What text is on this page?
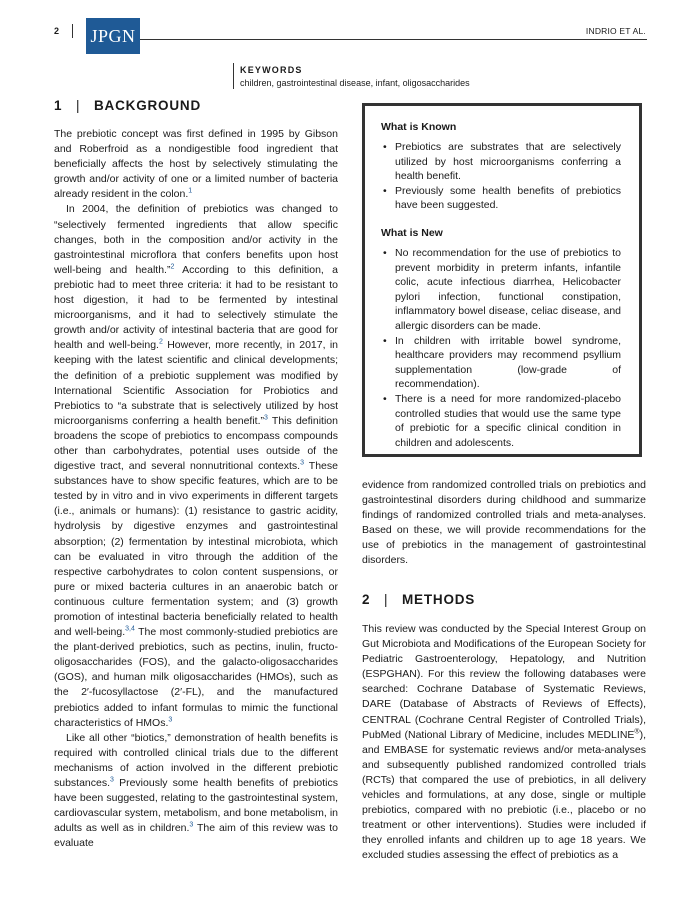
2 JPGN	INDRIO ET AL.
KEYWORDS
children, gastrointestinal disease, infant, oligosaccharides
1 | BACKGROUND

The prebiotic concept was first defined in 1995 by Gibson and Roberfroid as a nondigestible food ingredient that beneficially affects the host by selectively stimulating the growth and/or activity of one or a limited number of bacteria already resident in the colon.$^1$

In 2004, the definition of prebiotics was changed to “selectively fermented ingredients that allow specific changes, both in the composition and/or activity in the gastrointestinal microflora that confers benefits upon host well-being and health.”$^2$ According to this definition, a prebiotic had to meet three criteria: it had to be resistant to host digestion, it had to be fermented by intestinal microorganisms, and it had to selectively stimulate the growth and/or activity of intestinal bacteria that are good for health and well-being.$^2$ However, more recently, in 2017, in keeping with the latest scientific and clinical developments; the definition of a prebiotic supplement was modified by International Scientific Association for Probiotics and Prebiotics to “a substrate that is selectively utilized by host microorganisms conferring a health benefit.”$^3$ This definition broadens the scope of prebiotics to encompass compounds other than carbohydrates, potential uses outside of the digestive tract, and several nonnutritional contexts.$^3$ These substances have to show specific features, which are to be tested by in vitro and in vivo experiments in different targets (i.e., animals or humans): (1) resistance to gastric acidity, hydrolysis by digestive enzymes and gastrointestinal absorption; (2) fermentation by intestinal microbiota, which can be evaluated in vitro through the addition of the respective carbohydrates to colon content suspensions, or pure or mixed bacteria cultures in an anaerobic batch or continuous culture fermentation system; and (3) growth promotion of intestinal bacteria beneficially related to health and well-being.$^{3,4}$ The most commonly-studied prebiotics are the plant-derived prebiotics, such as pectins, inulin, fructo-oligosaccharides (FOS), and the galacto-oligosaccharides (GOS), and human milk oligosaccharides (HMOs), such as the 2′-fucosyllactose (2′-FL), and the manufactured prebiotics added to infant formulas to mimic the functional characteristics of HMOs.$^3$

Like all other “biotics,” demonstration of health benefits is required with controlled clinical trials due to the different mechanisms of action involved in the different prebiotic substances.$^3$ Previously some health benefits of prebiotics have been suggested, relating to the gastrointestinal system, cardiovascular system, metabolism, and bone metabolism, in adults as well as in children.$^3$ The aim of this review was to evaluate

What is Known
• Prebiotics are substrates that are selectively utilized by host microorganisms conferring a health benefit.
• Previously some health benefits of prebiotics have been suggested.
What is New
• No recommendation for the use of prebiotics to prevent morbidity in preterm infants, infantile colic, acute infectious diarrhea, Helicobacter pylori infection, functional constipation, inflammatory bowel disease, celiac disease, and allergic disorders can be made.
• In children with irritable bowel syndrome, healthcare providers may recommend psyllium supplementation (low-grade of recommendation).
• There is a need for more randomized-placebo controlled studies that would use the same type of prebiotic for a specific clinical condition in children and adolescents.

evidence from randomized controlled trials on prebiotics and gastrointestinal disorders during childhood and summarize findings of randomized controlled trials and meta-analyses. Based on these, we will provide recommendations for the use of prebiotics in the management of gastrointestinal disorders.

2 | METHODS

This review was conducted by the Special Interest Group on Gut Microbiota and Modifications of the European Society for Pediatric Gastroenterology, Hepatology, and Nutrition (ESPGHAN). For this review the following databases were searched: Cochrane Database of Systematic Reviews, DARE (Database of Abstracts of Reviews of Effects), CENTRAL (Cochrane Central Register of Controlled Trials), PubMed (National Library of Medicine, includes MEDLINE®), and EMBASE for systematic reviews and/or meta-analyses and subsequently published randomized controlled trials (RCTs) that compared the use of prebiotics, in all delivery vehicles and formulations, at any dose, single or multiple prebiotics, compared with no prebiotic (i.e., placebo or no treatment or other interventions). Studies were included if they enrolled infants and children up to age 18 years. We excluded studies assessing the effect of prebiotics as a
